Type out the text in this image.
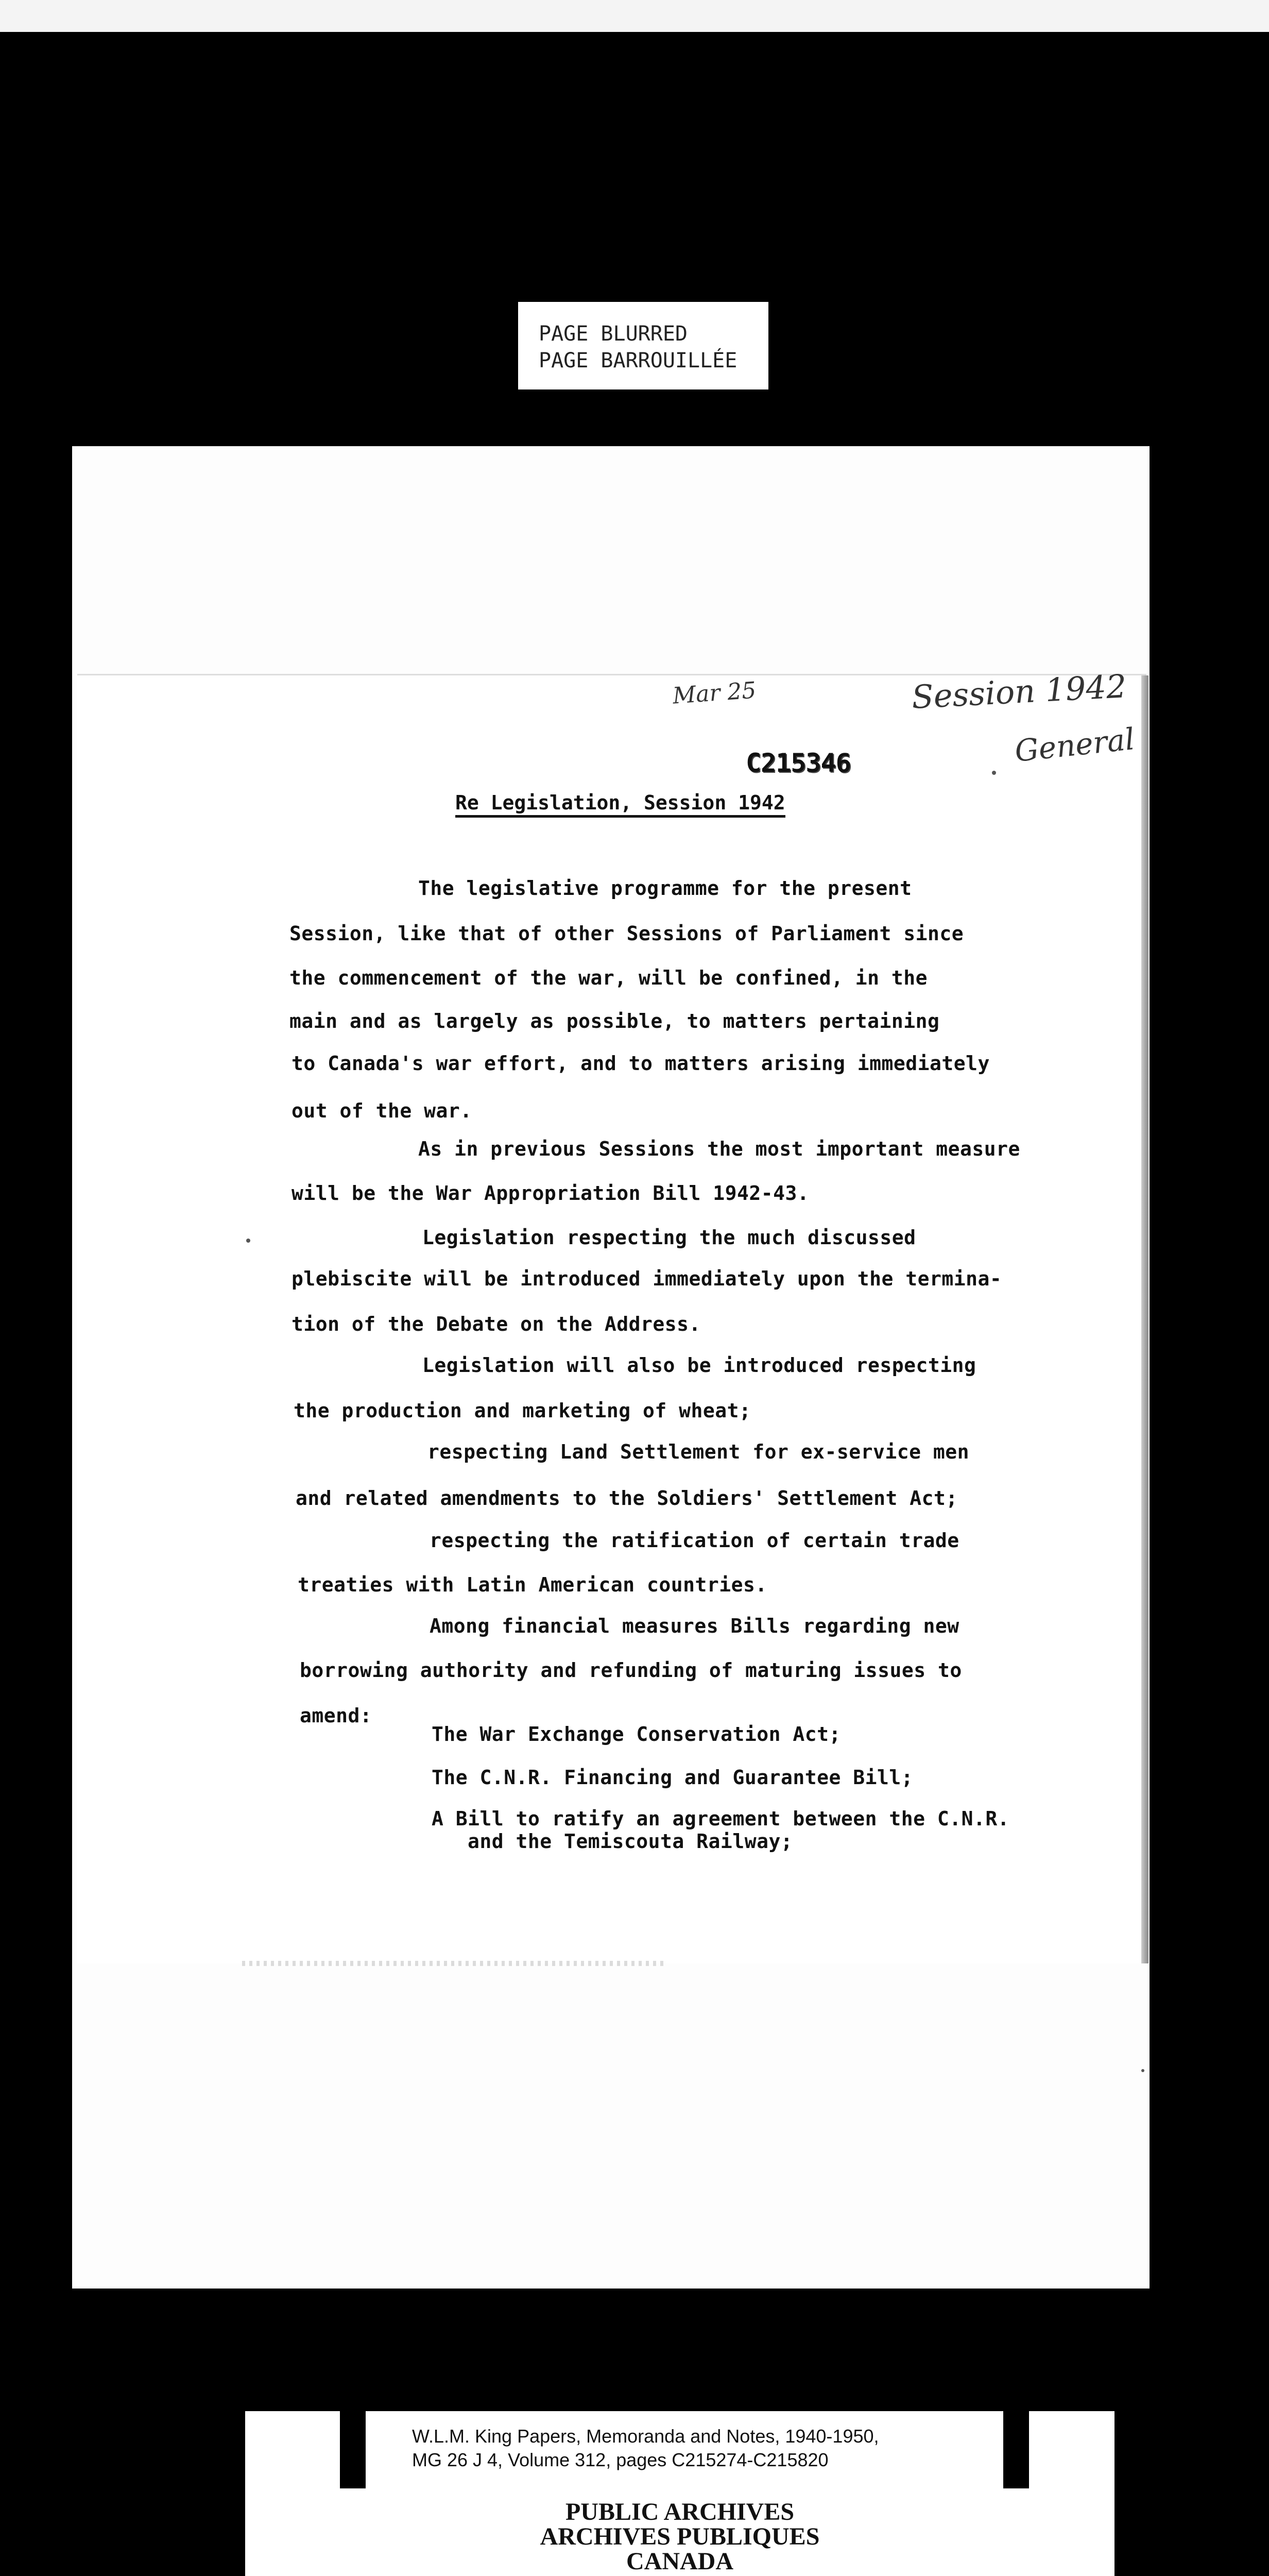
PAGE BLURRED
PAGE BARROUILLÉE
Mar 25	Session 1942
General
C215346
Re Legislation, Session 1942
The legislative programme for the present
Session, like that of other Sessions of Parliament since
the commencement of the war, will be confined, in the
main and as largely as possible, to matters pertaining
to Canada's war effort, and to matters arising immediately
out of the war.
As in previous Sessions the most important measure
will be the War Appropriation Bill 1942-43.
Legislation respecting the much discussed
plebiscite will be introduced immediately upon the termina-
tion of the Debate on the Address.
Legislation will also be introduced respecting
the production and marketing of wheat;
respecting Land Settlement for ex-service men
and related amendments to the Soldiers' Settlement Act;
respecting the ratification of certain trade
treaties with Latin American countries.
Among financial measures Bills regarding new
borrowing authority and refunding of maturing issues to
amend:
The War Exchange Conservation Act;
The C.N.R. Financing and Guarantee Bill;
A Bill to ratify an agreement between the C.N.R.
and the Temiscouta Railway;
W.L.M. King Papers, Memoranda and Notes, 1940-1950,
MG 26 J 4, Volume 312, pages C215274-C215820
PUBLIC ARCHIVES
ARCHIVES PUBLIQUES
CANADA
